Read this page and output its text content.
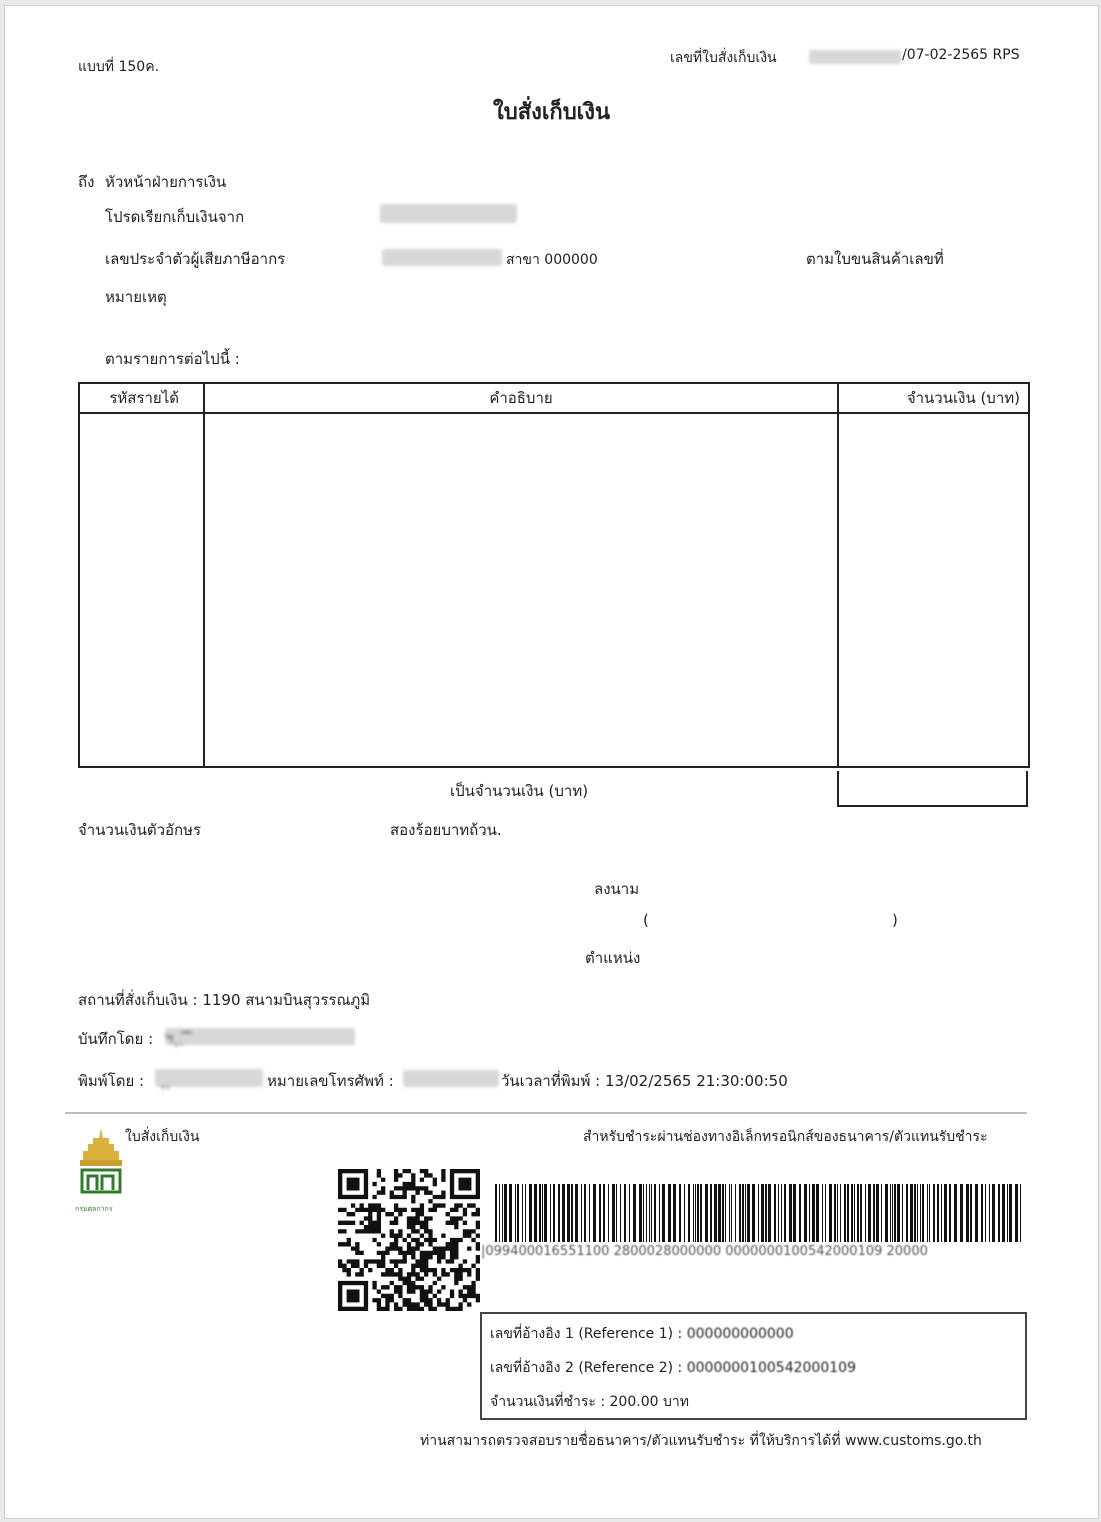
แบบที่ 150ค.
เลขที่ใบสั่งเก็บเงิน	/07-02-2565 RPS
ใบสั่งเก็บเงิน
ถึง หัวหน้าฝ่ายการเงิน
โปรดเรียกเก็บเงินจาก
เลขประจำตัวผู้เสียภาษีอากร	สาขา 000000	ตามใบขนสินค้าเลขที่
หมายเหตุ
ตามรายการต่อไปนี้ :
รหัสรายได้	คำอธิบาย	จำนวนเงิน (บาท)

เป็นจำนวนเงิน (บาท)
จำนวนเงินตัวอักษร	สองร้อยบาทถ้วน.
ลงนาม
(	)
ตำแหน่ง
สถานที่สั่งเก็บเงิน : 1190 สนามบินสุวรรณภูมิ
บันทึกโดย : ฯ ุ ฺ ิ ิ
พิมพ์โดย : ุ ุ	หมายเลขโทรศัพท์ :	วันเวลาที่พิมพ์ : 13/02/2565 21:30:00:50
ใบสั่งเก็บเงิน	สำหรับชำระผ่านช่องทางอิเล็กทรอนิกส์ของธนาคาร/ตัวแทนรับชำระ
กรมศุลกากร
|099400016551100 2800028000000 0000000100542000109 20000
เลขที่อ้างอิง 1 (Reference 1) : 000000000000
เลขที่อ้างอิง 2 (Reference 2) : 0000000100542000109
จำนวนเงินที่ชำระ : 200.00 บาท
ท่านสามารถตรวจสอบรายชื่อธนาคาร/ตัวแทนรับชำระ ที่ให้บริการได้ที่ www.customs.go.th
